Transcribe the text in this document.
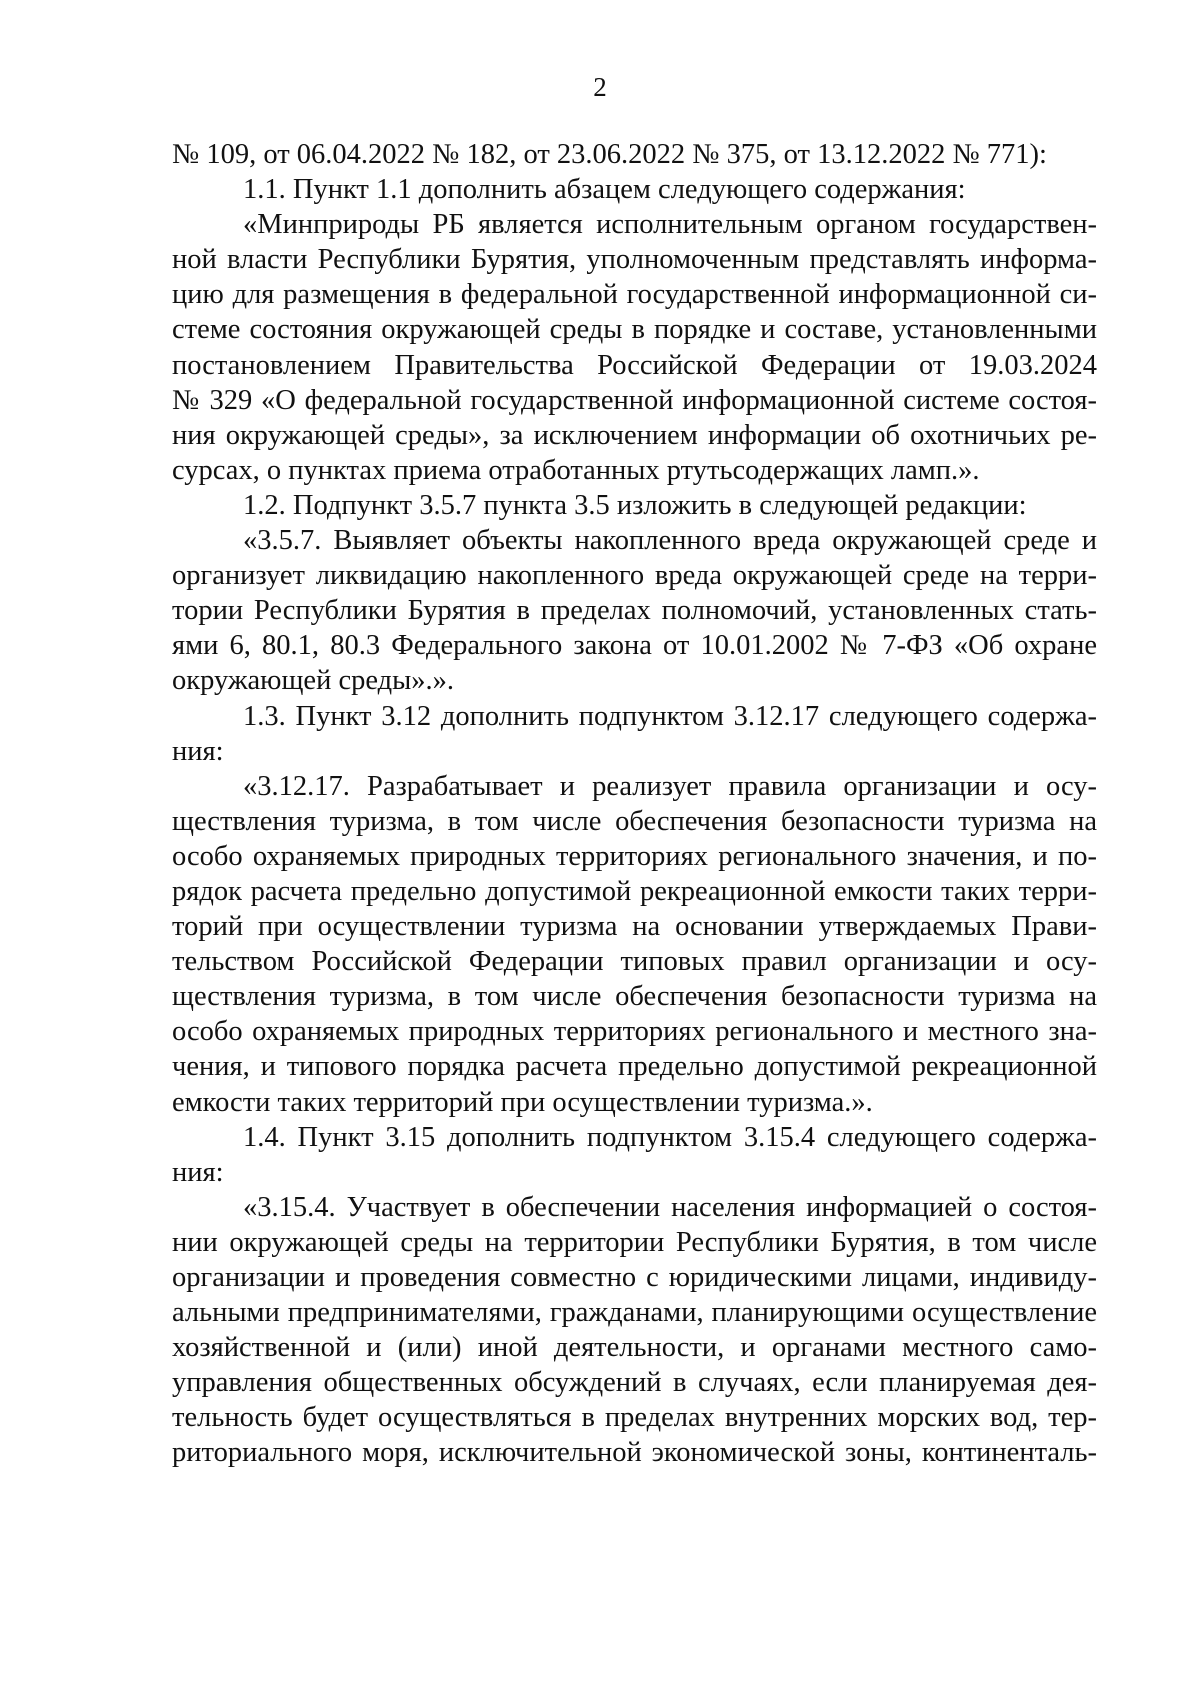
2
№ 109, от 06.04.2022 № 182, от 23.06.2022 № 375, от 13.12.2022 № 771):
1.1. Пункт 1.1 дополнить абзацем следующего содержания:
«Минприроды РБ является исполнительным органом государствен-
ной власти Республики Бурятия, уполномоченным представлять информа-
цию для размещения в федеральной государственной информационной си-
стеме состояния окружающей среды в порядке и составе, установленными
постановлением Правительства Российской Федерации от 19.03.2024
№ 329 «О федеральной государственной информационной системе состоя-
ния окружающей среды», за исключением информации об охотничьих ре-
сурсах, о пунктах приема отработанных ртутьсодержащих ламп.».
1.2. Подпункт 3.5.7 пункта 3.5 изложить в следующей редакции:
«3.5.7. Выявляет объекты накопленного вреда окружающей среде и
организует ликвидацию накопленного вреда окружающей среде на терри-
тории Республики Бурятия в пределах полномочий, установленных стать-
ями 6, 80.1, 80.3 Федерального закона от 10.01.2002 № 7-ФЗ «Об охране
окружающей среды».».
1.3. Пункт 3.12 дополнить подпунктом 3.12.17 следующего содержа-
ния:
«3.12.17. Разрабатывает и реализует правила организации и осу-
ществления туризма, в том числе обеспечения безопасности туризма на
особо охраняемых природных территориях регионального значения, и по-
рядок расчета предельно допустимой рекреационной емкости таких терри-
торий при осуществлении туризма на основании утверждаемых Прави-
тельством Российской Федерации типовых правил организации и осу-
ществления туризма, в том числе обеспечения безопасности туризма на
особо охраняемых природных территориях регионального и местного зна-
чения, и типового порядка расчета предельно допустимой рекреационной
емкости таких территорий при осуществлении туризма.».
1.4. Пункт 3.15 дополнить подпунктом 3.15.4 следующего содержа-
ния:
«3.15.4. Участвует в обеспечении населения информацией о состоя-
нии окружающей среды на территории Республики Бурятия, в том числе
организации и проведения совместно с юридическими лицами, индивиду-
альными предпринимателями, гражданами, планирующими осуществление
хозяйственной и (или) иной деятельности, и органами местного само-
управления общественных обсуждений в случаях, если планируемая дея-
тельность будет осуществляться в пределах внутренних морских вод, тер-
риториального моря, исключительной экономической зоны, континенталь-
